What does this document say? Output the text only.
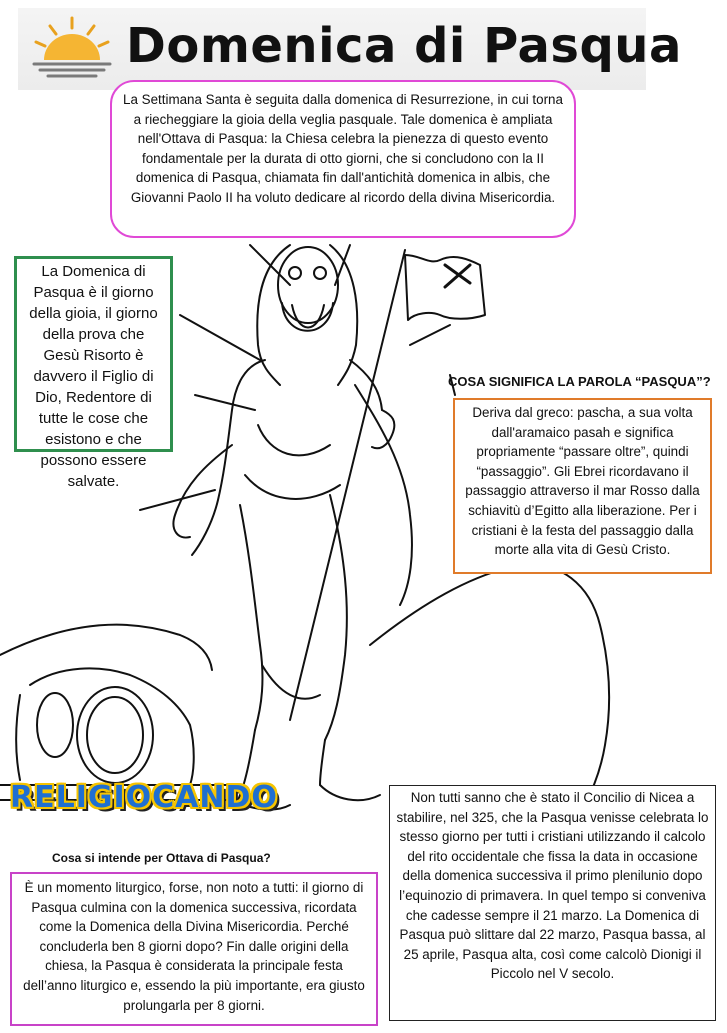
Domenica di Pasqua
La Settimana Santa è seguita dalla domenica di Resurrezione, in cui torna a riecheggiare la gioia della veglia pasquale. Tale domenica è ampliata nell'Ottava di Pasqua: la Chiesa celebra la pienezza di questo evento fondamentale per la durata di otto giorni, che si concludono con la II domenica di Pasqua, chiamata fin dall'antichità domenica in albis, che Giovanni Paolo II ha voluto dedicare al ricordo della divina Misericordia.
La Domenica di Pasqua è il giorno della gioia, il giorno della prova che Gesù Risorto è davvero il Figlio di Dio, Redentore di tutte le cose che esistono e che possono essere salvate.
COSA SIGNIFICA LA PAROLA “PASQUA”?
Deriva dal greco: pascha, a sua volta dall'aramaico pasah e significa propriamente “passare oltre”, quindi “passaggio”. Gli Ebrei ricordavano il passaggio attraverso il mar Rosso dalla schiavitù d’Egitto alla liberazione. Per i cristiani è la festa del passaggio dalla morte alla vita di Gesù Cristo.
RELIGIOCANDO	Non tutti sanno che è stato il Concilio di Nicea a stabilire, nel 325, che la Pasqua venisse celebrata lo stesso giorno per tutti i cristiani utilizzando il calcolo del rito occidentale che fissa la data in occasione della domenica successiva il primo plenilunio dopo l’equinozio di primavera. In quel tempo si conveniva che cadesse sempre il 21 marzo. La Domenica di Pasqua può slittare dal 22 marzo, Pasqua bassa, al 25 aprile, Pasqua alta, così come calcolò Dionigi il Piccolo nel V secolo.
Cosa si intende per Ottava di Pasqua?
È un momento liturgico, forse, non noto a tutti: il giorno di Pasqua culmina con la domenica successiva, ricordata come la Domenica della Divina Misericordia. Perché concluderla ben 8 giorni dopo? Fin dalle origini della chiesa, la Pasqua è considerata la principale festa dell’anno liturgico e, essendo la più importante, era giusto prolungarla per 8 giorni.
